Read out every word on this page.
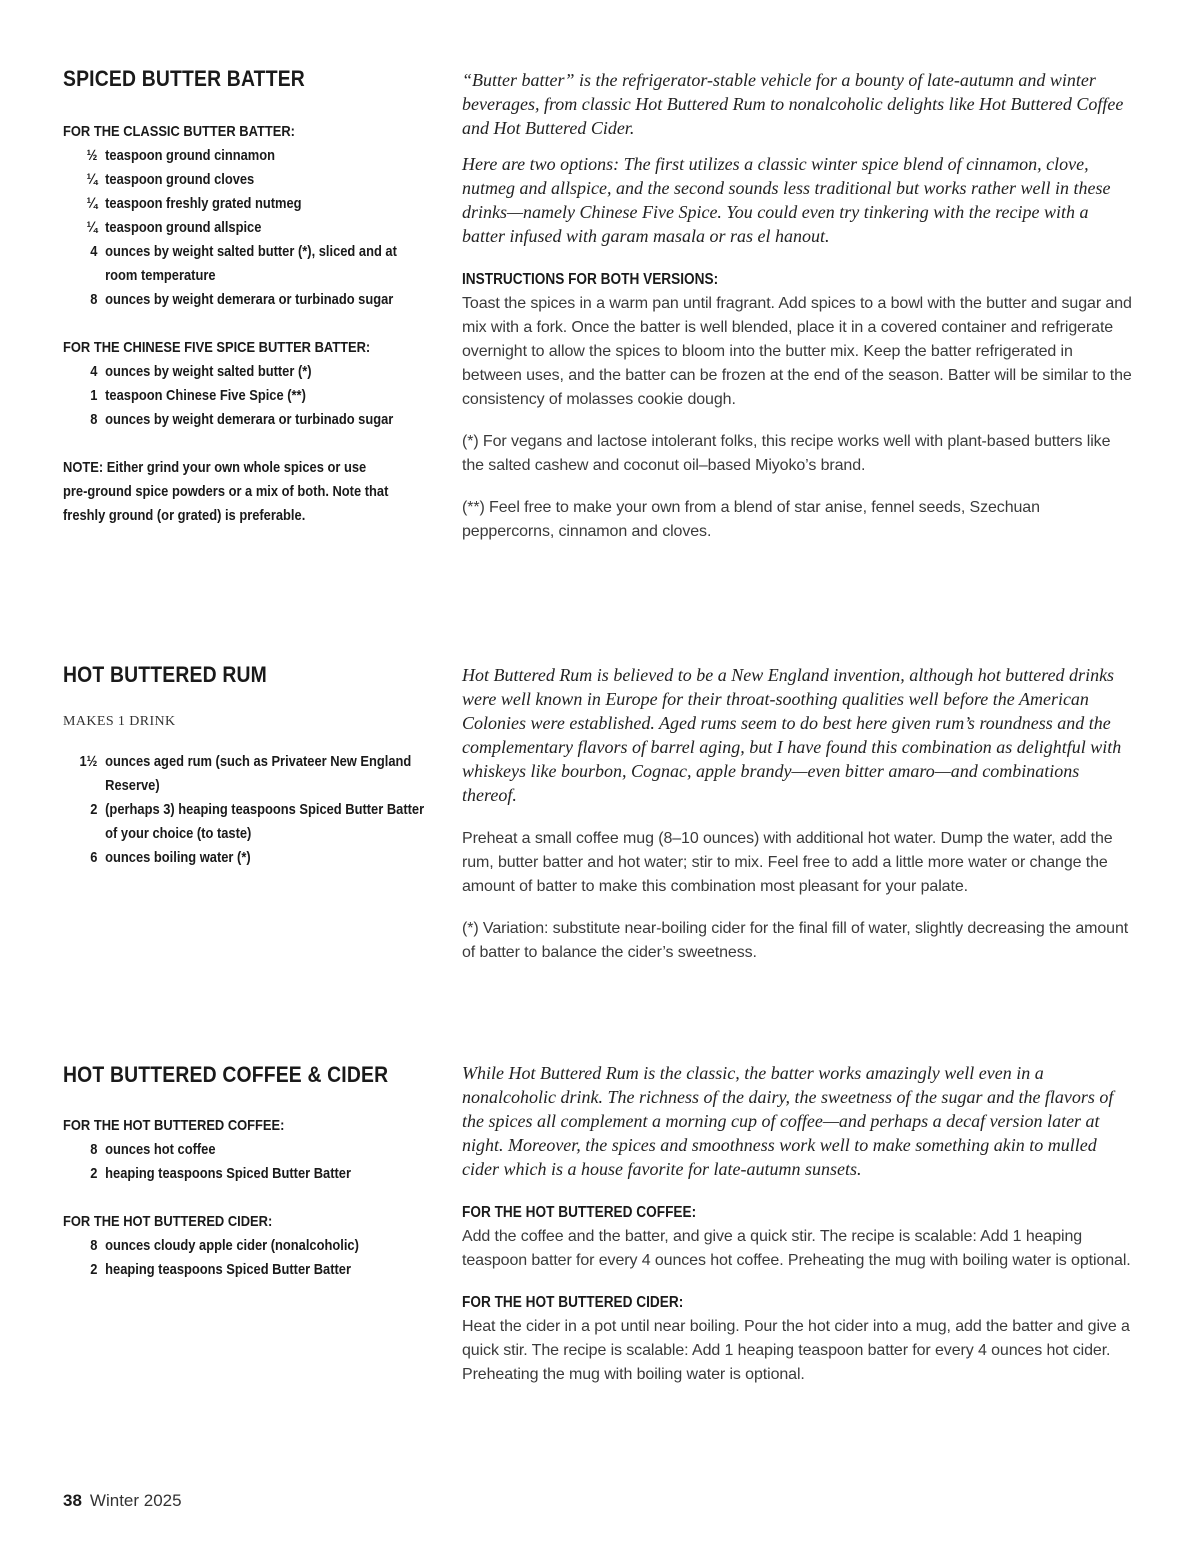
SPICED BUTTER BATTER
FOR THE CLASSIC BUTTER BATTER:
½ teaspoon ground cinnamon
¼ teaspoon ground cloves
¼ teaspoon freshly grated nutmeg
¼ teaspoon ground allspice
4 ounces by weight salted butter (*), sliced and at room temperature
8 ounces by weight demerara or turbinado sugar
FOR THE CHINESE FIVE SPICE BUTTER BATTER:
4 ounces by weight salted butter (*)
1 teaspoon Chinese Five Spice (**)
8 ounces by weight demerara or turbinado sugar

NOTE: Either grind your own whole spices or use
pre-ground spice powders or a mix of both. Note that
freshly ground (or grated) is preferable.

“Butter batter” is the refrigerator-stable vehicle for a bounty of late-autumn and winter beverages, from classic Hot Buttered Rum to nonalcoholic delights like Hot Buttered Coffee and Hot Buttered Cider.

Here are two options: The first utilizes a classic winter spice blend of cinnamon, clove, nutmeg and allspice, and the second sounds less traditional but works rather well in these drinks—namely Chinese Five Spice. You could even try tinkering with the recipe with a batter infused with garam masala or ras el hanout.

INSTRUCTIONS FOR BOTH VERSIONS:

Toast the spices in a warm pan until fragrant. Add spices to a bowl with the butter and sugar and mix with a fork. Once the batter is well blended, place it in a covered container and refrigerate overnight to allow the spices to bloom into the butter mix. Keep the batter refrigerated in between uses, and the batter can be frozen at the end of the season. Batter will be similar to the consistency of molasses cookie dough.

(*) For vegans and lactose intolerant folks, this recipe works well with plant-based butters like the salted cashew and coconut oil–based Miyoko’s brand.

(**) Feel free to make your own from a blend of star anise, fennel seeds, Szechuan peppercorns, cinnamon and cloves.

HOT BUTTERED RUM

MAKES 1 DRINK

1½ ounces aged rum (such as Privateer New England Reserve)
2 (perhaps 3) heaping teaspoons Spiced Butter Batter of your choice (to taste)
6 ounces boiling water (*)

Hot Buttered Rum is believed to be a New England invention, although hot buttered drinks were well known in Europe for their throat-soothing qualities well before the American Colonies were established. Aged rums seem to do best here given rum’s roundness and the complementary flavors of barrel aging, but I have found this combination as delightful with whiskeys like bourbon, Cognac, apple brandy—even bitter amaro—and combinations thereof.

Preheat a small coffee mug (8–10 ounces) with additional hot water. Dump the water, add the rum, butter batter and hot water; stir to mix. Feel free to add a little more water or change the amount of batter to make this combination most pleasant for your palate.

(*) Variation: substitute near-boiling cider for the final fill of water, slightly decreasing the amount of batter to balance the cider’s sweetness.

HOT BUTTERED COFFEE & CIDER
FOR THE HOT BUTTERED COFFEE:
8 ounces hot coffee
2 heaping teaspoons Spiced Butter Batter
FOR THE HOT BUTTERED CIDER:
8 ounces cloudy apple cider (nonalcoholic)
2 heaping teaspoons Spiced Butter Batter

While Hot Buttered Rum is the classic, the batter works amazingly well even in a nonalcoholic drink. The richness of the dairy, the sweetness of the sugar and the flavors of the spices all complement a morning cup of coffee—and perhaps a decaf version later at night. Moreover, the spices and smoothness work well to make something akin to mulled cider which is a house favorite for late-autumn sunsets.

FOR THE HOT BUTTERED COFFEE:

Add the coffee and the batter, and give a quick stir. The recipe is scalable: Add 1 heaping teaspoon batter for every 4 ounces hot coffee. Preheating the mug with boiling water is optional.

FOR THE HOT BUTTERED CIDER:

Heat the cider in a pot until near boiling. Pour the hot cider into a mug, add the batter and give a quick stir. The recipe is scalable: Add 1 heaping teaspoon batter for every 4 ounces hot cider. Preheating the mug with boiling water is optional.

38 Winter 2025
